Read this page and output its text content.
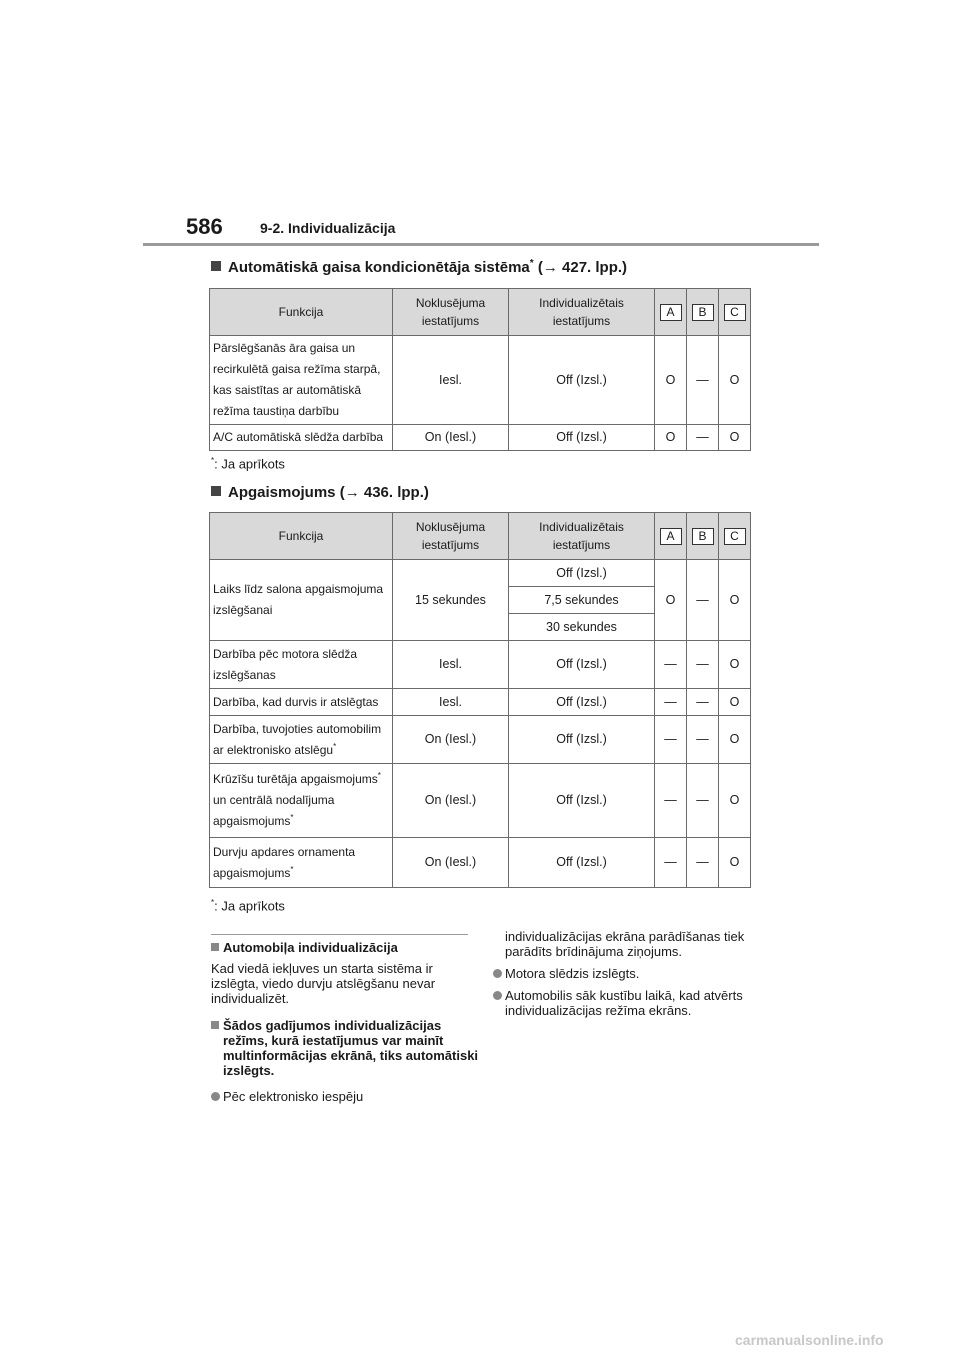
586	9-2. Individualizācija
Automātiskā gaisa kondicionētāja sistēma* (→ 427. lpp.)
Funkcija	Noklusējuma iestatījums	Individualizētais iestatījums	A	B	C
Pārslēgšanās āra gaisa un recirkulētā gaisa režīma starpā, kas saistītas ar automātiskā režīma taustiņa darbību	Iesl.	Off (Izsl.)	O	—	O
A/C automātiskā slēdža darbība	On (Iesl.)	Off (Izsl.)	O	—	O
*: Ja aprīkots
Apgaismojums (→ 436. lpp.)
Funkcija	Noklusējuma iestatījums	Individualizētais iestatījums	A	B	C
Laiks līdz salona apgaismojuma izslēgšanai	15 sekundes	Off (Izsl.)	O	—	O
		7,5 sekundes			
		30 sekundes			
Darbība pēc motora slēdža izslēgšanas	Iesl.	Off (Izsl.)	—	—	O
Darbība, kad durvis ir atslēgtas	Iesl.	Off (Izsl.)	—	—	O
Darbība, tuvojoties automobilim ar elektronisko atslēgu*	On (Iesl.)	Off (Izsl.)	—	—	O
Krūzīšu turētāja apgaismojums* un centrālā nodalījuma apgaismojums*	On (Iesl.)	Off (Izsl.)	—	—	O
Durvju apdares ornamenta apgaismojums*	On (Iesl.)	Off (Izsl.)	—	—	O
*: Ja aprīkots
Automobiļa individualizācija
Kad viedā iekļuves un starta sistēma ir izslēgta, viedo durvju atslēgšanu nevar individualizēt.
Šādos gadījumos individualizācijas režīms, kurā iestatījumus var mainīt multinformācijas ekrānā, tiks automātiski izslēgts.
Pēc elektronisko iespēju
individualizācijas ekrāna parādīšanas tiek parādīts brīdinājuma ziņojums.
Motora slēdzis izslēgts.
Automobilis sāk kustību laikā, kad atvērts individualizācijas režīma ekrāns.
carmanualsonline.info
